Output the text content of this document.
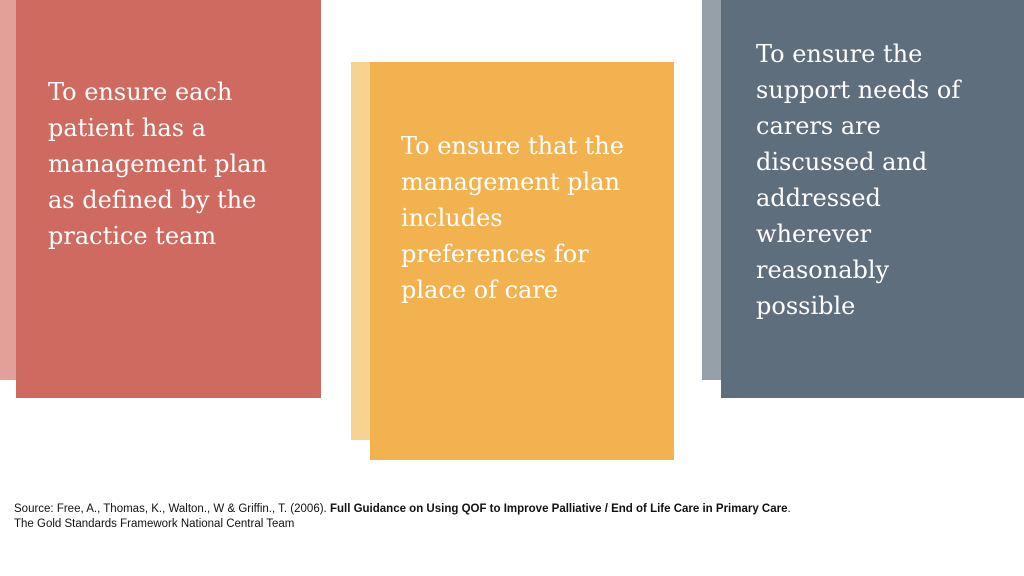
To ensure each
patient has a
management plan
as defined by the
practice team
To ensure that the
management plan
includes
preferences for
place of care
To ensure the
support needs of
carers are
discussed and
addressed
wherever
reasonably
possible
Source: Free, A., Thomas, K., Walton., W & Griffin., T. (2006). Full Guidance on Using QOF to Improve Palliative / End of Life Care in Primary Care.
The Gold Standards Framework National Central Team
